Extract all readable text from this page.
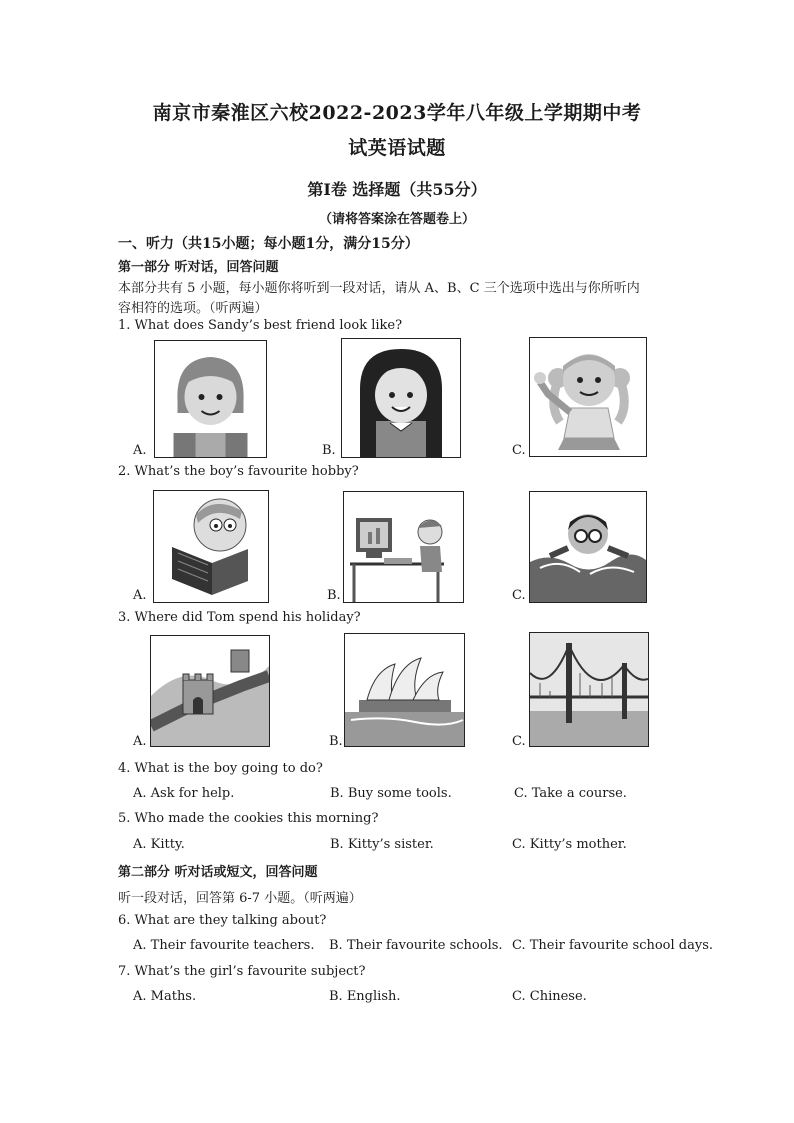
南京市秦淮区六校2022-2023学年八年级上学期期中考
试英语试题
第I卷 选择题（共55分）
（请将答案涂在答题卷上）
一、听力（共15小题；每小题1分，满分15分）
第一部分 听对话，回答问题
本部分共有 5 小题，每小题你将听到一段对话，请从 A、B、C 三个选项中选出与你所听内
容相符的选项。（听两遍）
1. What does Sandy’s best friend look like?
A.	B.	C.
2. What’s the boy’s favourite hobby?
A.	B.	C.
3. Where did Tom spend his holiday?
A.	B.	C.
4. What is the boy going to do?
A. Ask for help.	B. Buy some tools.	C. Take a course.
5. Who made the cookies this morning?
A. Kitty.	B. Kitty’s sister.	C. Kitty’s mother.
第二部分 听对话或短文，回答问题
听一段对话，回答第 6-7 小题。（听两遍）
6. What are they talking about?
A. Their favourite teachers. B. Their favourite schools. C. Their favourite school days.
7. What’s the girl’s favourite subject?
A. Maths.	B. English.	C. Chinese.
